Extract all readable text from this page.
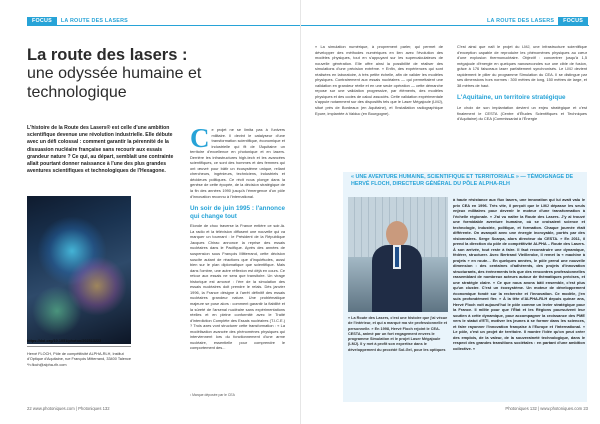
FOCUS	LA ROUTE DES LASERS
La route des lasers :
une odyssée humaine et technologique
L'histoire de la Route des Lasers® est celle d'une ambition scientifique devenue une révolution industrielle. Elle débute avec un défi colossal : comment garantir la pérennité de la dissuasion nucléaire française sans recourir aux essais grandeur nature ? Ce qui, au départ, semblait une contrainte allait pourtant donner naissance à l'une des plus grandes aventures scientifiques et technologiques de l'Hexagone.
https://doi.org/10.1051/photon/202513222
Hervé FLOCH, Pôle de compétitivité ALPHA-RLH, Institut d'Optique d'Aquitaine, rue François Mitterrand, 33400 Talence *h.floch@alpha-rlh.com
Ce projet ne se limita pas à l'univers militaire. Il devint le catalyseur d'une transformation scientifique, économique et industrielle qui fit de l'Aquitaine un territoire d'excellence en photonique et en lasers. Derrière les infrastructures high-tech et les avancées scientifiques, ce sont des hommes et des femmes qui ont œuvré pour bâtir un écosystème unique, reliant chercheurs, ingénieurs, techniciens, industriels et décideurs politiques. Ce récit nous plonge dans la genèse de cette épopée, de la décision stratégique de la fin des années 1990 jusqu'à l'émergence d'un pôle d'innovation reconnu à l'international.
Un soir de juin 1995 : l'annonce qui change tout
Elonde de choc traverse la France entière ce soir-là. La radio et la télévision diffusent une nouvelle qui va marquer un tournant : le Président de la République Jacques Chirac annonce la reprise des essais nucléaires dans le Pacifique. Après des années de suspension sous François Mitterrand, cette décision suscite autant de réactions que d'inquiétudes, aussi bien sur le plan diplomatique que scientifique. Mais dans l'ombre, une autre réflexion est déjà en cours. Ce retour aux essais ne sera que transitoire. Un virage historique est amorcé : l'ère de la simulation des essais nucléaires doit prendre le relais. Dès janvier 1996, la France désigne à l'arrêt définitif des essais nucléaires grandeur nature. Une problématique majeure se pose alors : comment garantir la fiabilité et la sûreté de l'arsenal nucléaire sans expérimentations réelles et en pleine conformité avec le Traité d'interdiction Complète des Essais nucléaires (T.I.C.E.) ? Trois axes vont structurer cette transformation : « La modélisation avancée des phénomènes physiques qui interviennent lors du fonctionnement d'une arme nucléaire, essentielle pour comprendre le comportement des...
¹ Marque déposée par le CEA
22 www.photoniques.com | Photoniques 132
LA ROUTE DES LASERS	FOCUS
« La simulation numérique, à proprement parler, qui permet de développer des méthodes numériques en lien avec l'évolution des modèles physiques, tout en s'appuyant sur les supercalculateurs de nouvelle génération. Elle offre ainsi la possibilité de réaliser des simulations d'une précision extrême. « Enfin, des expériences qui sont réalisées en laboratoire, à très petite échelle, afin de valider les modèles physiques. Contrairement aux essais nucléaires — qui permettaient une validation en grandeur réelle et en une seule opération — cette démarche repose sur une validation progressive, par éléments, des modèles physiques et des codes de calcul associés. Cette validation expérimentale s'appuie notamment sur des dispositifs tels que le Laser Mégajoule (LMJ), situé près de Bordeaux (en Aquitaine), et l'installation radiographique Epure, implantée à Valduc (en Bourgogne).
C'est ainsi que naît le projet du LMJ, une infrastructure scientifique d'exception capable de reproduire les phénomènes physiques au cœur d'une explosion thermonucléaire. Objectif : concentrer jusqu'à 1,5 mégajoule d'énergie en quelques nanosecondes sur une cible de fusion, grâce à 176 faisceaux laser parfaitement synchronisés. Le LMJ devient rapidement le pilier du programme Simulation du CEA. Il se distingue par ses dimensions hors normes : 300 mètres de long, 150 mètres de large, et 38 mètres de haut.
L'Aquitaine, un territoire stratégique
Le choix de son implantation devient un enjeu stratégique et c'est finalement le CESTA (Centre d'Études Scientifiques et Techniques d'Aquitaine) du CEA (Commissariat à l'Énergie
« UNE AVENTURE HUMAINE, SCIENTIFIQUE ET TERRITORIALE » — TÉMOIGNAGE DE HERVÉ FLOCH, DIRECTEUR GÉNÉRAL DU PÔLE ALPHA-RLH
« La Route des Lasers, c'est une histoire que j'ai vécue de l'intérieur, et qui a marqué ma vie professionnelle et personnelle. » En 1998, Hervé Floch rejoint le CEA-CESTA, animé par un fort engagement envers le programme Simulation et le projet Laser Mégajoule (LMJ). Il y met à profit son expertise dans le développement du procédé Sol-Gel, pour les optiques
à haute résistance aux flux lasers, une innovation qui lui avait valu le prix CEA en 1996. Très vite, il perçoit que le LMJ dépasse les seuls enjeux militaires pour devenir le moteur d'une transformation à l'échelle régionale. « J'ai vu naître la Route des Lasers. J'y ai trouvé une formidable aventure humaine, où se croisaient science et technologie, industrie, politique, et formation. Chaque journée était différente. On avançait avec une énergie incroyable, portés par des visionnaires. Serge Scarpa, alors directeur du CESTA. » En 2011, il prend la direction du pôle de compétitivité ALPHA – Route des Lasers. À son arrivée, tout reste à faire. Il faut reconstruire une dynamique, fédérer, structurer. Avec Bertrand Vieillerobe, il remet la « machine à projets » en route… En quelques années, le pôle prend une nouvelle dimension : des centaines d'adhérents, des projets d'innovation structurants, des événements tels que des rencontres professionnelles rassemblant de nombreux acteurs autour de thématiques précises, et une stratégie claire. « Ce que nous avons bâti ensemble, c'est plus qu'un cluster. C'est un écosystème. Un moteur de développement économique fondé sur la recherche et l'innovation. Ce modèle, j'en suis profondément fier. » À la tête d'ALPHA-RLH depuis quinze ans, Hervé Floch voit aujourd'hui le pôle comme un levier stratégique pour la France. Il milite pour que l'État et les Régions poursuivent leur soutien à cette dynamique, pour accompagner la croissance des PME vers le statut d'ETI, motiver les jeunes à se former dans les sciences, et faire rayonner l'innovation française à l'Europe et l'international. « Le pôle, c'est un projet de territoire. Il montre l'idée qu'on peut créer des emplois, de la valeur, de la souveraineté technologique, dans le respect des grandes transitions sociétales : en partant d'une ambition collective. »
Photoniques 132 | www.photoniques.com 23
